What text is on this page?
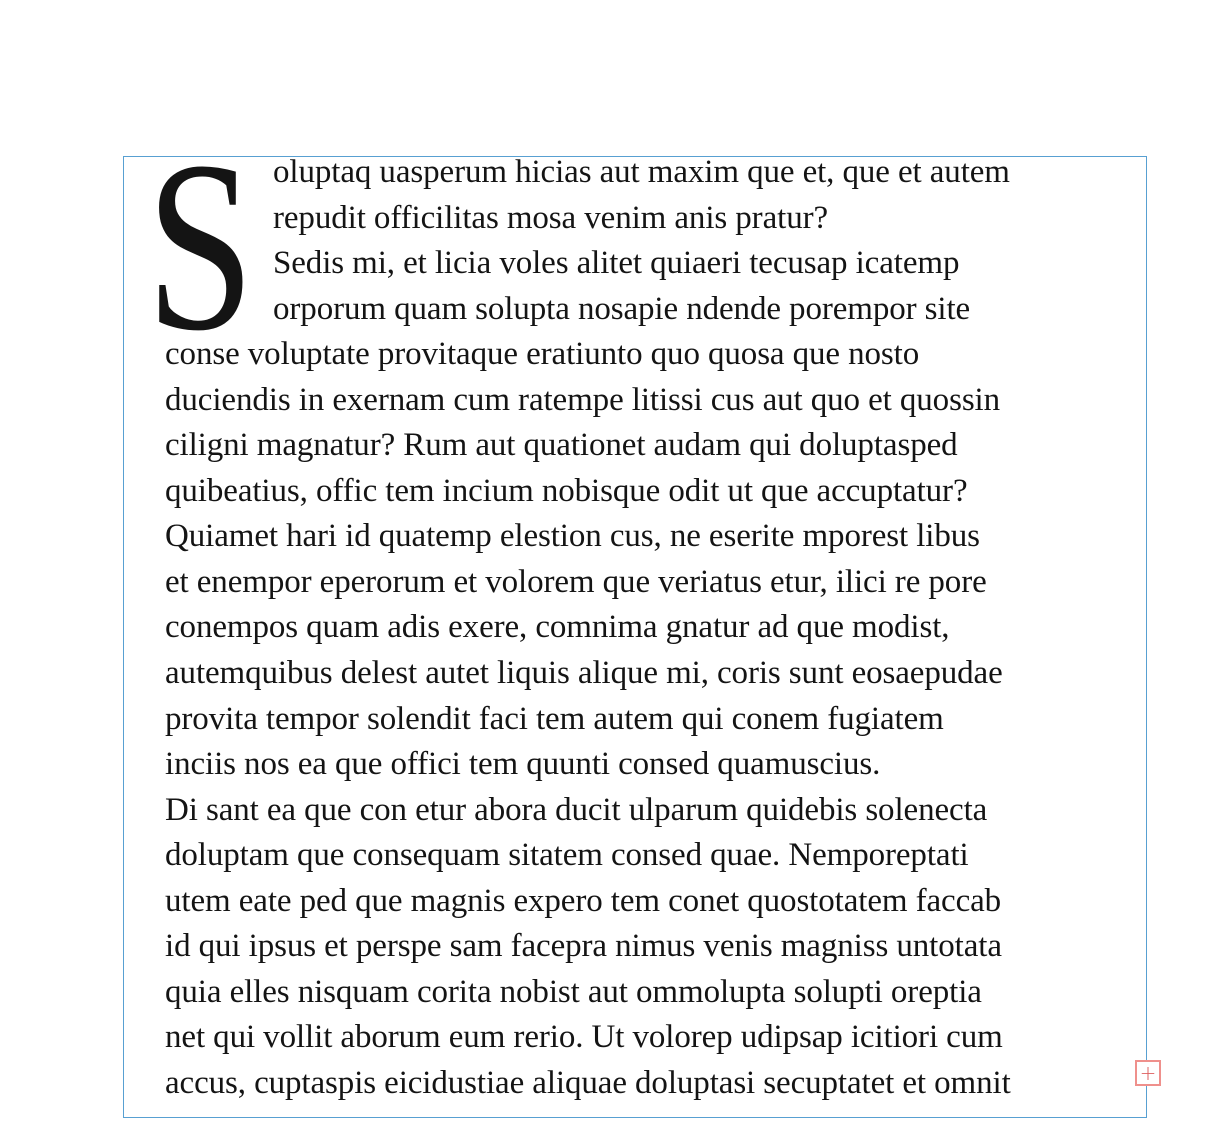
S oluptaq uasperum hicias aut maxim que et, que et autem
repudit officilitas mosa venim anis pratur?
Sedis mi, et licia voles alitet quiaeri tecusap icatemp
orporum quam solupta nosapie ndende porempor site
conse voluptate provitaque eratiunto quo quosa que nosto
duciendis in exernam cum ratempe litissi cus aut quo et quossin
ciligni magnatur? Rum aut quationet audam qui doluptasped
quibeatius, offic tem incium nobisque odit ut que accuptatur?
Quiamet hari id quatemp elestion cus, ne eserite mporest libus
et enempor eperorum et volorem que veriatus etur, ilici re pore
conempos quam adis exere, comnima gnatur ad que modist,
autemquibus delest autet liquis alique mi, coris sunt eosaepudae
provita tempor solendit faci tem autem qui conem fugiatem
inciis nos ea que offici tem quunti consed quamuscius.
Di sant ea que con etur abora ducit ulparum quidebis solenecta
doluptam que consequam sitatem consed quae. Nemporeptati
utem eate ped que magnis expero tem conet quostotatem faccab
id qui ipsus et perspe sam facepra nimus venis magniss untotata
quia elles nisquam corita nobist aut ommolupta solupti oreptia
net qui vollit aborum eum rerio. Ut volorep udipsap icitiori cum
accus, cuptaspis eicidustiae aliquae doluptasi secuptatet et omnit	+
